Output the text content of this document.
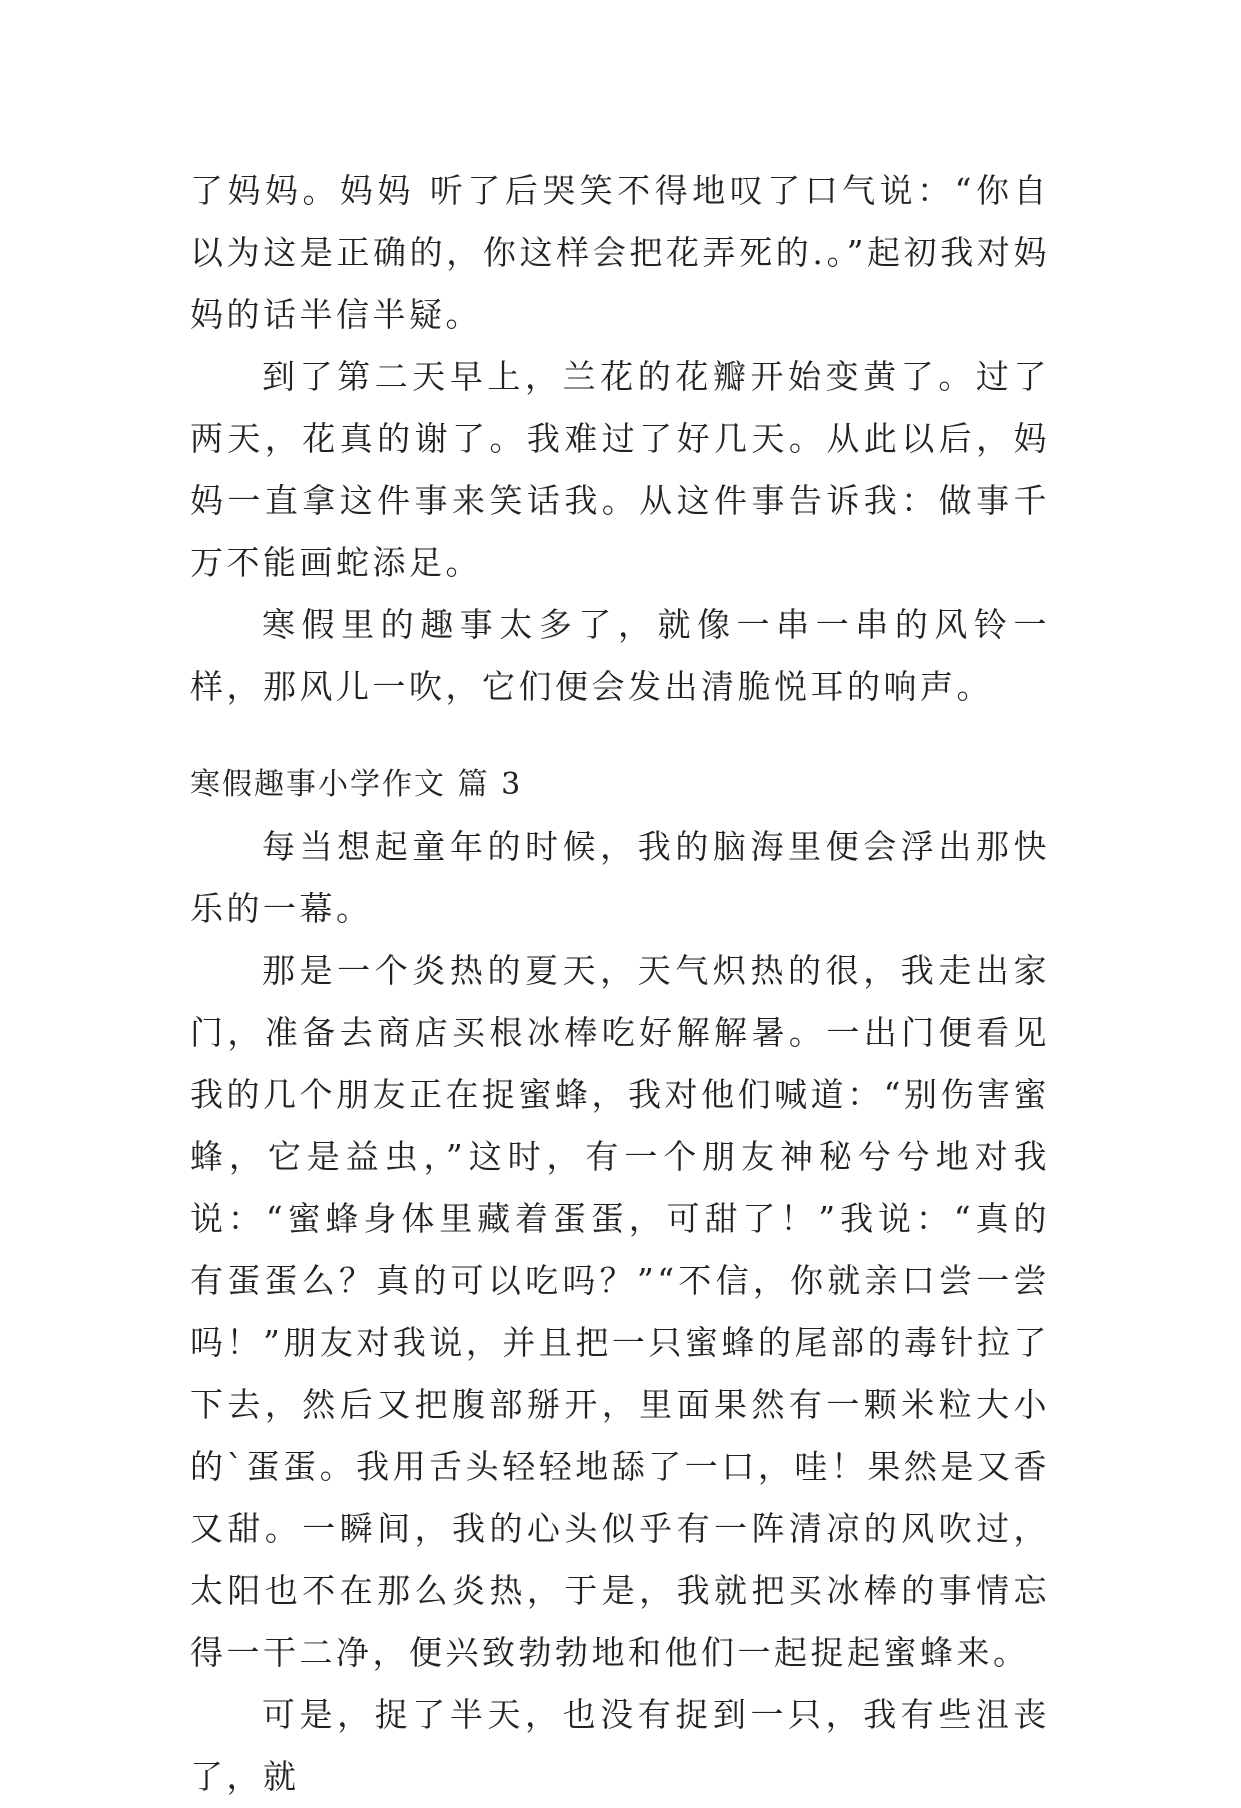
了妈妈。妈妈 听了后哭笑不得地叹了口气说：“你自以为这是正确的，你这样会把花弄死的.。”起初我对妈妈的话半信半疑。

到了第二天早上，兰花的花瓣开始变黄了。过了两天，花真的谢了。我难过了好几天。从此以后，妈妈一直拿这件事来笑话我。从这件事告诉我：做事千万不能画蛇添足。

寒假里的趣事太多了，就像一串一串的风铃一样，那风儿一吹，它们便会发出清脆悦耳的响声。

寒假趣事小学作文 篇 3

每当想起童年的时候，我的脑海里便会浮出那快乐的一幕。

那是一个炎热的夏天，天气炽热的很，我走出家门，准备去商店买根冰棒吃好解解暑。一出门便看见我的几个朋友正在捉蜜蜂，我对他们喊道：“别伤害蜜蜂，它是益虫，”这时，有一个朋友神秘兮兮地对我说：“蜜蜂身体里藏着蛋蛋，可甜了！”我说：“真的有蛋蛋么？真的可以吃吗？”“不信，你就亲口尝一尝吗！”朋友对我说，并且把一只蜜蜂的尾部的毒针拉了下去，然后又把腹部掰开，里面果然有一颗米粒大小的`蛋蛋。我用舌头轻轻地舔了一口，哇！果然是又香又甜。一瞬间，我的心头似乎有一阵清凉的风吹过，太阳也不在那么炎热，于是，我就把买冰棒的事情忘得一干二净，便兴致勃勃地和他们一起捉起蜜蜂来。

可是，捉了半天，也没有捉到一只，我有些沮丧了，就
